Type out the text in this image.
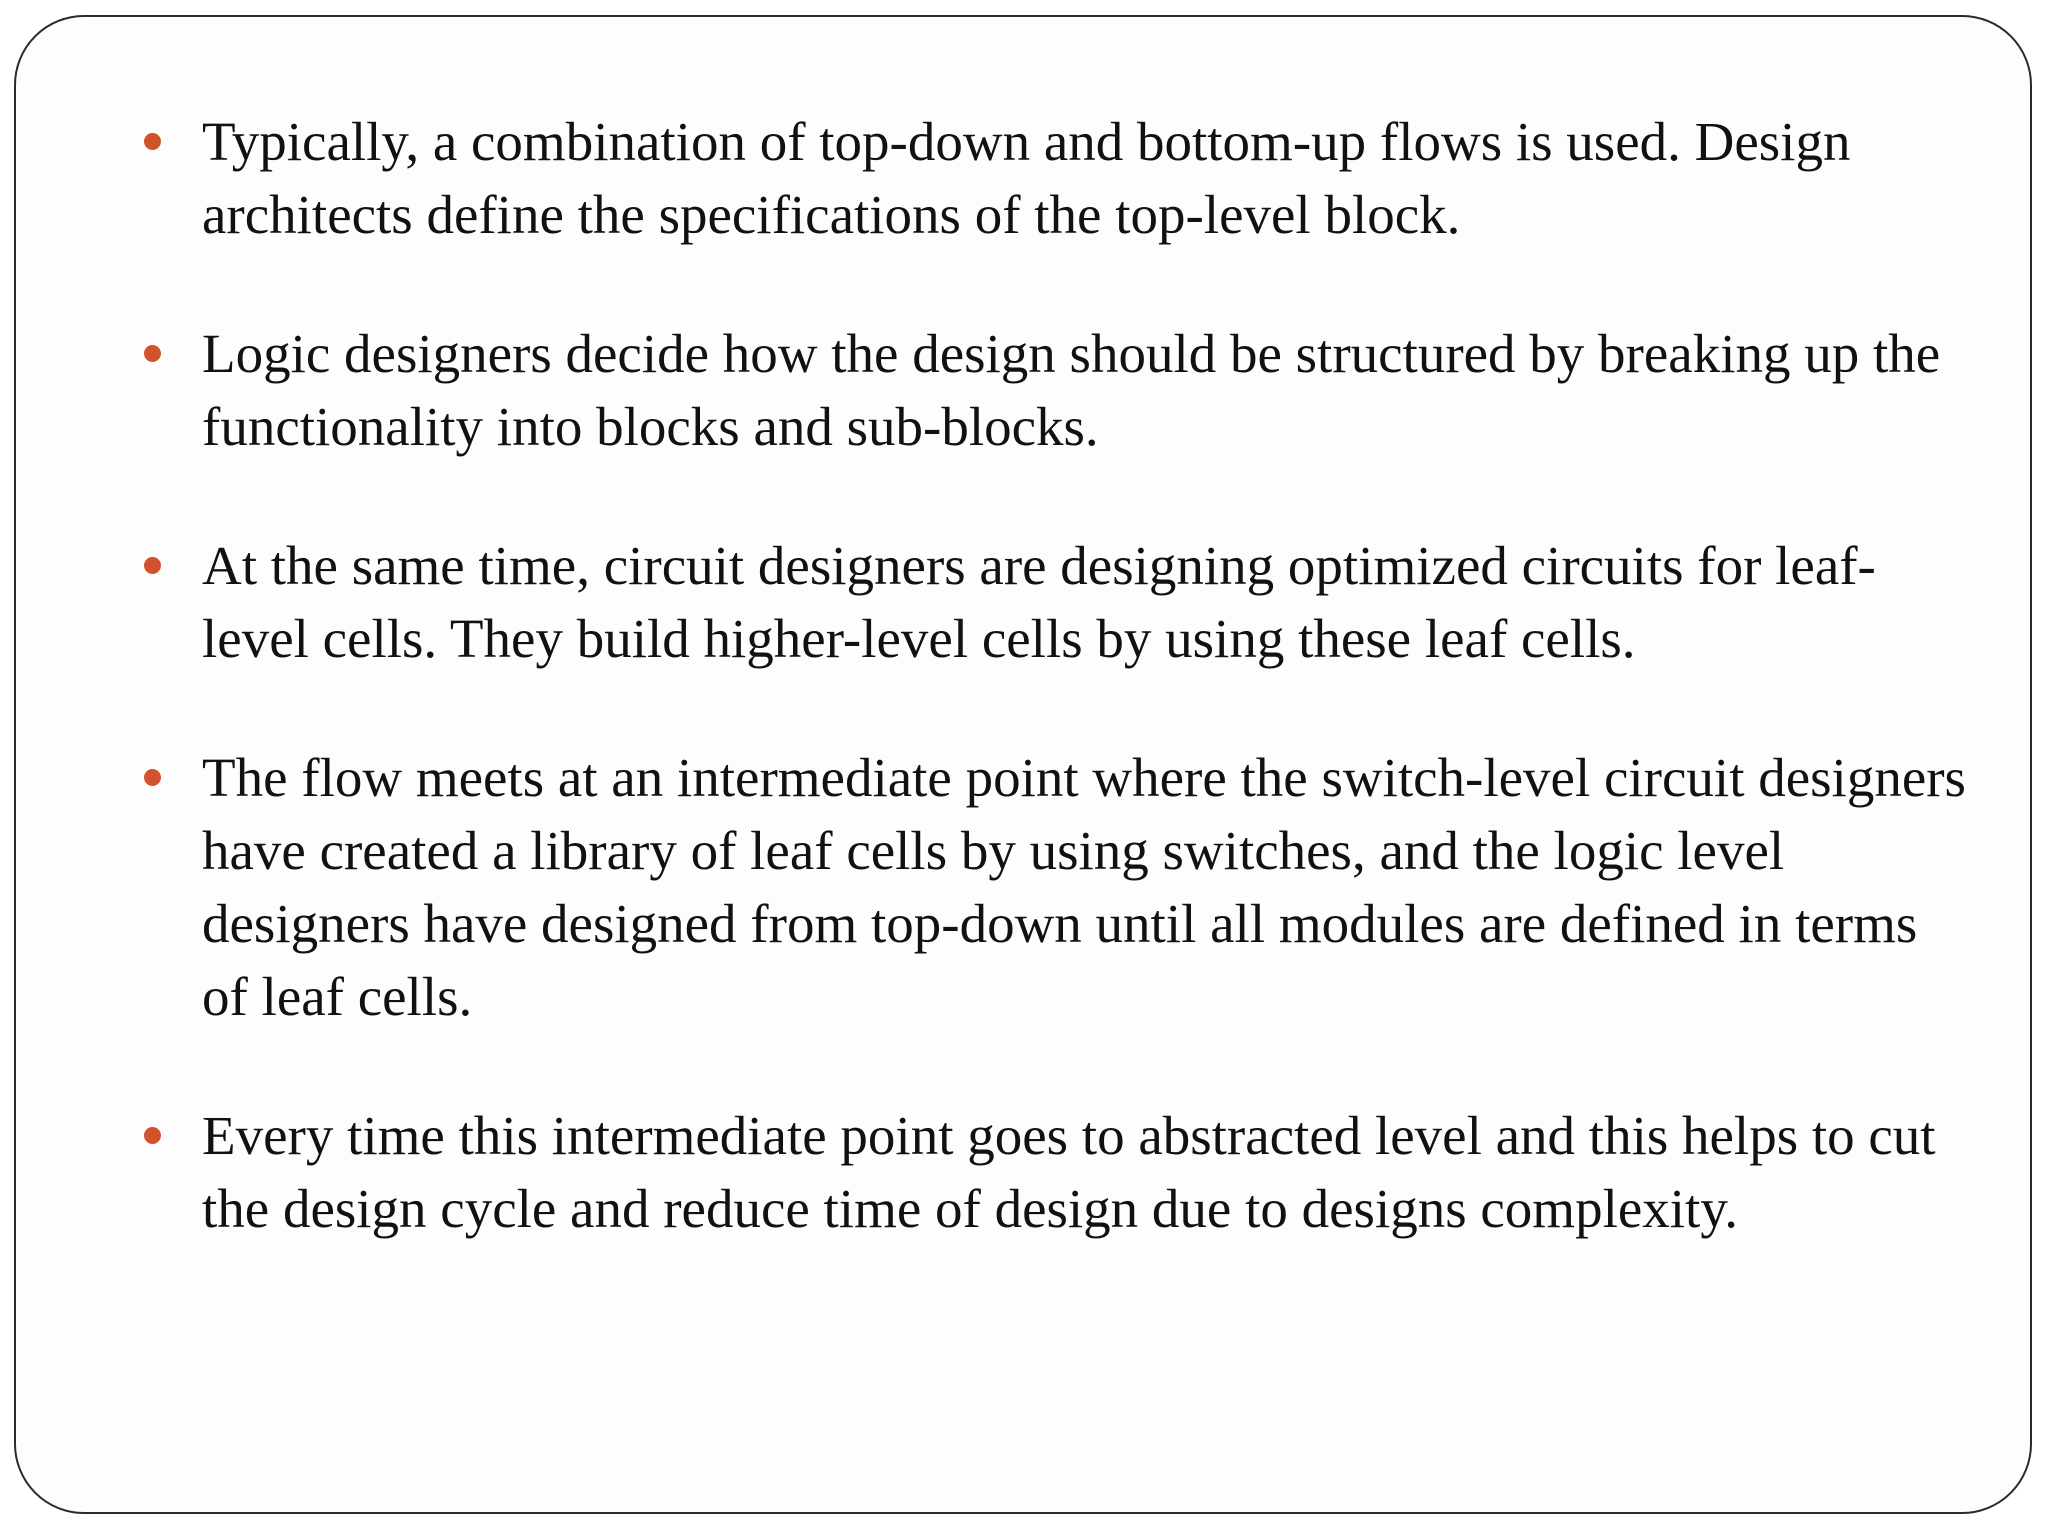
Typically, a combination of top-down and bottom-up flows is used. Design architects define the specifications of the top-level block.
Logic designers decide how the design should be structured by breaking up the functionality into blocks and sub-blocks.
At the same time, circuit designers are designing optimized circuits for leaf-level cells. They build higher-level cells by using these leaf cells.
The flow meets at an intermediate point where the switch-level circuit designers have created a library of leaf cells by using switches, and the logic level designers have designed from top-down until all modules are defined in terms of leaf cells.
Every time this intermediate point goes to abstracted level and this helps to cut the design cycle and reduce time of design due to designs complexity.
